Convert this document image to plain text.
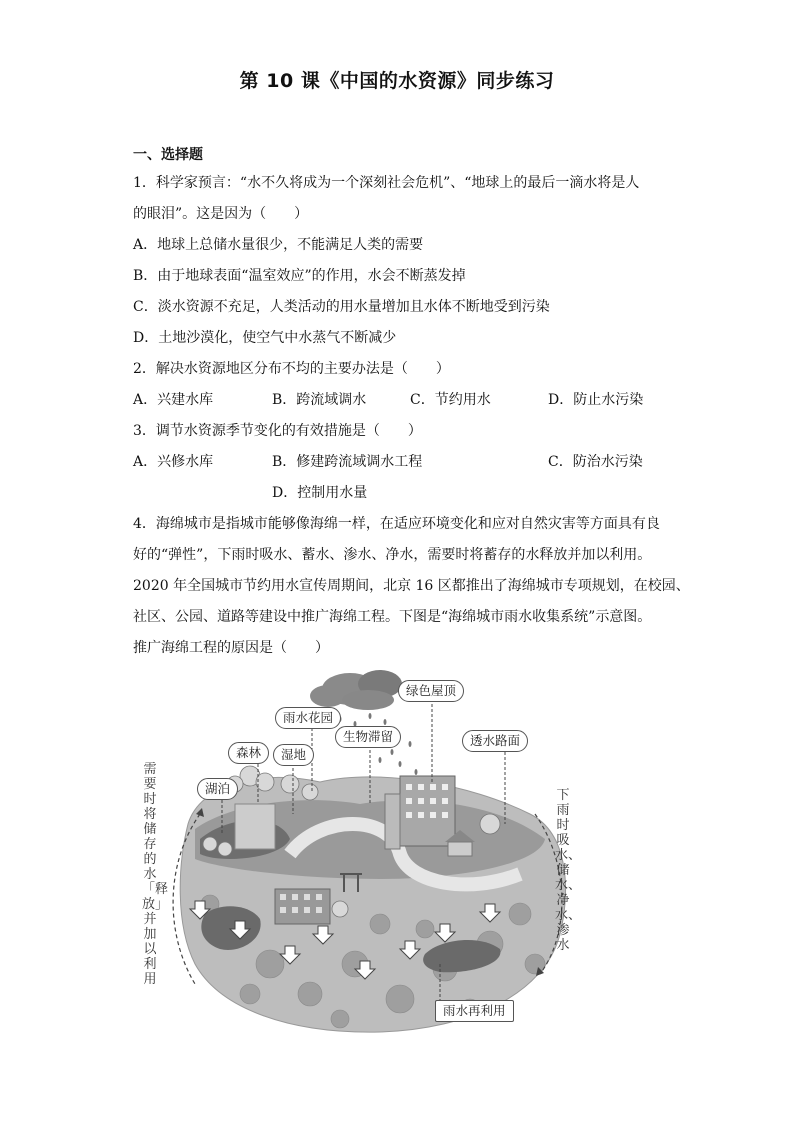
第 10 课《中国的水资源》同步练习
一、选择题
1．科学家预言：“水不久将成为一个深刻社会危机”、“地球上的最后一滴水将是人
的眼泪”。这是因为（　　）
A．地球上总储水量很少，不能满足人类的需要
B．由于地球表面“温室效应”的作用，水会不断蒸发掉
C．淡水资源不充足，人类活动的用水量增加且水体不断地受到污染
D．土地沙漠化，使空气中水蒸气不断减少
2．解决水资源地区分布不均的主要办法是（　　）
A．兴建水库	B．跨流域调水	C．节约用水	D．防止水污染
3．调节水资源季节变化的有效措施是（　　）
A．兴修水库	B．修建跨流域调水工程	C．防治水污染
D．控制用水量
4．海绵城市是指城市能够像海绵一样，在适应环境变化和应对自然灾害等方面具有良
好的“弹性”，下雨时吸水、蓄水、渗水、净水，需要时将蓄存的水释放并加以利用。
2020 年全国城市节约用水宣传周期间，北京 16 区都推出了海绵城市专项规划，在校园、
社区、公园、道路等建设中推广海绵工程。下图是“海绵城市雨水收集系统”示意图。
推广海绵工程的原因是（　　）
绿色屋顶
雨水花园
生物滞留
森林	湿地
湖泊
透水路面
雨水再利用
需要时将储存的水「释放」并加以利用
下雨时吸水、储水、净水、渗水
